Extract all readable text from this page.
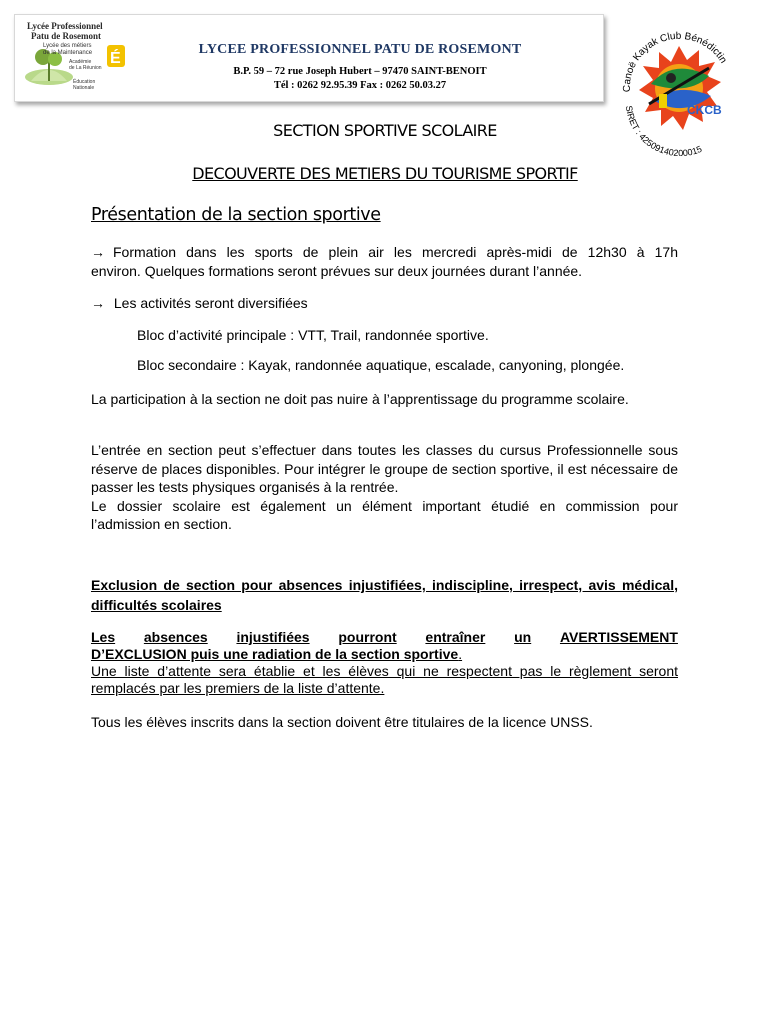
É
Lycée Professionnel
Patu de Rosemont
Lycée des métiers
de la Maintenance
Académie
de La Réunion
Éducation
Nationale
LYCEE PROFESSIONNEL PATU DE ROSEMONT
B.P. 59 – 72 rue Joseph Hubert – 97470 SAINT-BENOIT
Tél : 0262 92.95.39 Fax : 0262 50.03.27
CKCB
Canoë Kayak Club Bénédictin
SIRET : 42509140200015
SECTION SPORTIVE SCOLAIRE
DECOUVERTE DES METIERS DU TOURISME SPORTIF
Présentation de la section sportive
→ Formation dans les sports de plein air les mercredi après-midi de 12h30 à 17h
environ. Quelques formations seront prévues sur deux journées durant l’année.
→ Les activités seront diversifiées
Bloc d’activité principale : VTT, Trail, randonnée sportive.
Bloc secondaire : Kayak, randonnée aquatique, escalade, canyoning, plongée.
La participation à la section ne doit pas nuire à l’apprentissage du programme scolaire.
L’entrée en section peut s’effectuer dans toutes les classes du cursus Professionnelle sous réserve de places disponibles. Pour intégrer le groupe de section sportive, il est nécessaire de passer les tests physiques organisés à la rentrée.
Le dossier scolaire est également un élément important étudié en commission pour l’admission en section.
Exclusion de section pour absences injustifiées, indiscipline, irrespect, avis médical, difficultés scolaires
Les absences injustifiées pourront entraîner un AVERTISSEMENT
D’EXCLUSION puis une radiation de la section sportive.
Une liste d’attente sera établie et les élèves qui ne respectent pas le règlement seront remplacés par les premiers de la liste d’attente.
Tous les élèves inscrits dans la section doivent être titulaires de la licence UNSS.
